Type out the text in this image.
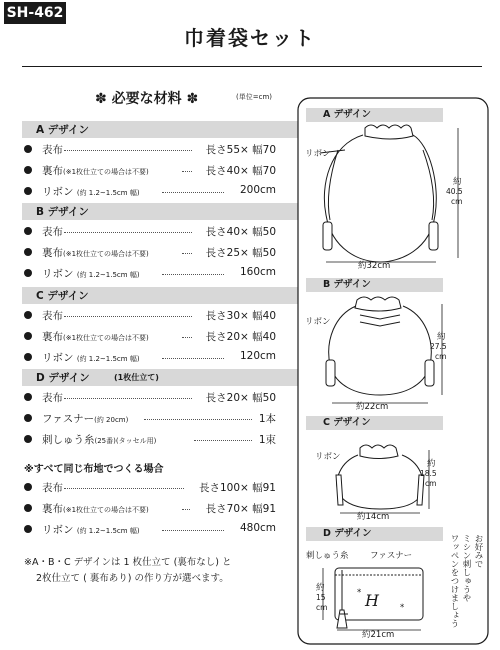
SH-462
巾着袋セット
✽ 必要な材料 ✽	(単位=cm)
A デザイン
表布	長さ55× 幅70
裏布(※1枚仕立ての場合は不要)	長さ40× 幅70
リボン (約 1.2~1.5cm 幅)	200cm
B デザイン
表布	長さ40× 幅50
裏布(※1枚仕立ての場合は不要)	長さ25× 幅50
リボン (約 1.2~1.5cm 幅)	160cm
C デザイン
表布	長さ30× 幅40
裏布(※1枚仕立ての場合は不要)	長さ20× 幅40
リボン (約 1.2~1.5cm 幅)	120cm
D デザイン	(1枚仕立て)
表布	長さ20× 幅50
ファスナー(約 20cm)	1本
刺しゅう糸(25番)(タッセル用)	1束
※すべて同じ布地でつくる場合
表布	長さ100× 幅91
裏布(※1枚仕立ての場合は不要)	長さ70× 幅91
リボン (約 1.2~1.5cm 幅)	480cm
※A・B・C デザインは 1 枚仕立て (裏布なし) と
2枚仕立て ( 裏布あり) の作り方が選べます。
A デザイン
B デザイン
C デザイン
D デザイン
リボン
約
40.5
cm
約32cm
リボン
約
27.5
cm
約22cm
リボン
約
18.5
cm
約14cm
刺しゅう糸	ファスナー
H
*
*
約
15
cm
約21cm
お好みで
ミシン刺しゅうや
ワッペンをつけましょう
